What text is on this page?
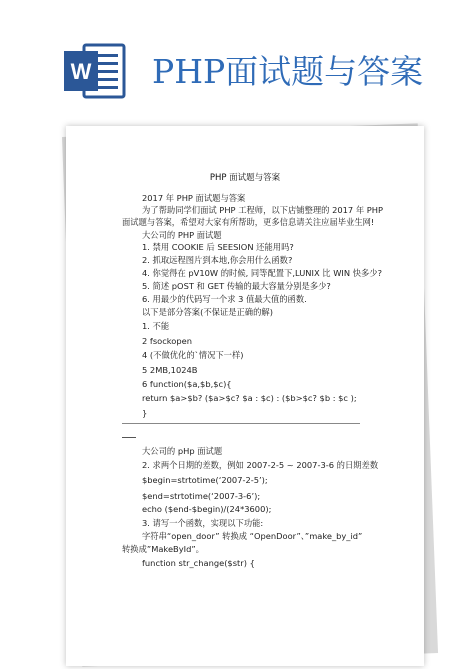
W PHP面试题与答案
PHP 面试题与答案
2017 年 PHP 面试题与答案
为了帮助同学们面试 PHP 工程师，以下店铺整理的 2017 年 PHP
面试题与答案，希望对大家有所帮助，更多信息请关注应届毕业生网!
大公司的 PHP 面试题
1. 禁用 COOKIE 后 SEESION 还能用吗?
2. 抓取远程图片到本地,你会用什么函数?
4. 你觉得在 pV10W 的时候, 同等配置下,LUNIX 比 WIN 快多少?
5. 简述 pOST 和 GET 传输的最大容量分别是多少?
6. 用最少的代码写一个求 3 值最大值的函数.
以下是部分答案(不保证是正确的解)
1. 不能
2 fsockopen
4 (不做优化的`情况下一样)
5 2MB,1024B
6 function($a,$b,$c){
return $a>$b? ($a>$c? $a : $c) : ($b>$c? $b : $c );
}
大公司的 pHp 面试题
2. 求两个日期的差数，例如 2007-2-5 ~ 2007-3-6 的日期差数
$begin=strtotime(‘2007-2-5’);
$end=strtotime(‘2007-3-6’);
echo ($end-$begin)/(24*3600);
3. 请写一个函数，实现以下功能:
字符串“open_door” 转换成 “OpenDoor”、”make_by_id”
转换成”MakeById”。
function str_change($str) {
